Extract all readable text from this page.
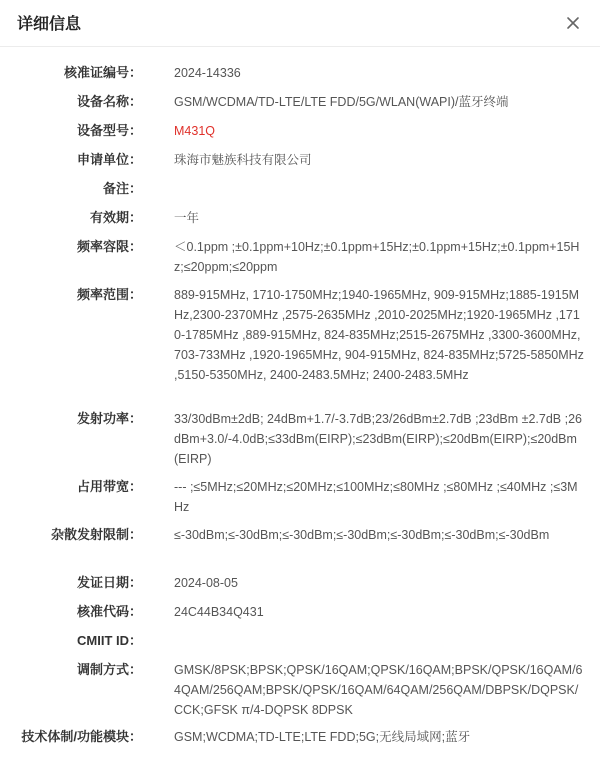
详细信息
核准证编号：	2024-14336
设备名称：	GSM/WCDMA/TD-LTE/LTE FDD/5G/WLAN(WAPI)/蓝牙终端
设备型号：	M431Q
申请单位：	珠海市魅族科技有限公司
备注：
有效期：	一年
频率容限：	＜0.1ppm ;±0.1ppm+10Hz;±0.1ppm+15Hz;±0.1ppm+15Hz;±0.1ppm+15Hz;≤20ppm;≤20ppm
频率范围：	889-915MHz, 1710-1750MHz;1940-1965MHz, 909-915MHz;1885-1915MHz,2300-2370MHz ,2575-2635MHz ,2010-2025MHz;1920-1965MHz ,1710-1785MHz ,889-915MHz, 824-835MHz;2515-2675MHz ,3300-3600MHz,703-733MHz ,1920-1965MHz, 904-915MHz, 824-835MHz;5725-5850MHz ,5150-5350MHz, 2400-2483.5MHz; 2400-2483.5MHz
发射功率：	33/30dBm±2dB; 24dBm+1.7/-3.7dB;23/26dBm±2.7dB ;23dBm ±2.7dB ;26dBm+3.0/-4.0dB;≤33dBm(EIRP);≤23dBm(EIRP);≤20dBm(EIRP);≤20dBm(EIRP)
占用带宽：	--- ;≤5MHz;≤20MHz;≤20MHz;≤100MHz;≤80MHz ;≤80MHz ;≤40MHz ;≤3MHz
杂散发射限制：	≤-30dBm;≤-30dBm;≤-30dBm;≤-30dBm;≤-30dBm;≤-30dBm;≤-30dBm
发证日期：	2024-08-05
核准代码：	24C44B34Q431
CMIIT ID：
调制方式：	GMSK/8PSK;BPSK;QPSK/16QAM;QPSK/16QAM;BPSK/QPSK/16QAM/64QAM/256QAM;BPSK/QPSK/16QAM/64QAM/256QAM/DBPSK/DQPSK/CCK;GFSK π/4-DQPSK 8DPSK
技术体制/功能模块：	GSM;WCDMA;TD-LTE;LTE FDD;5G;无线局域网;蓝牙
